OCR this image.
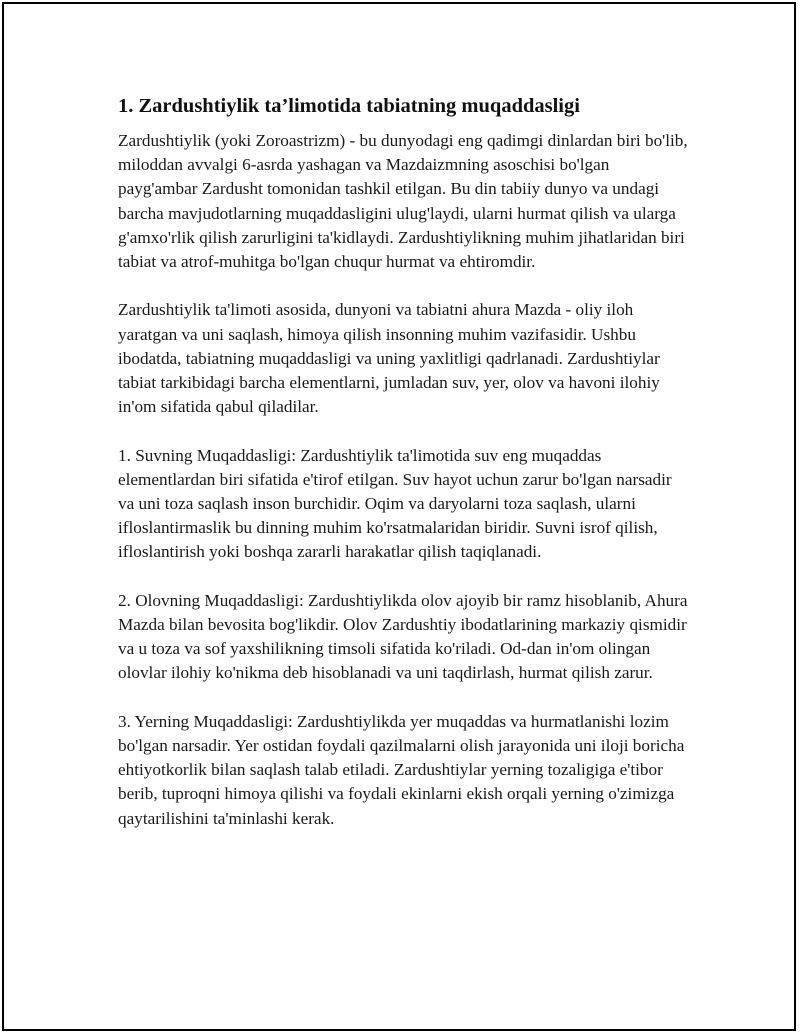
1. Zardushtiylik ta’limotida tabiatning muqaddasligi

Zardushtiylik (yoki Zoroastrizm) - bu dunyodagi eng qadimgi dinlardan biri bo'lib, miloddan avvalgi 6-asrda yashagan va Mazdaizmning asoschisi bo'lgan payg'ambar Zardusht tomonidan tashkil etilgan. Bu din tabiiy dunyo va undagi barcha mavjudotlarning muqaddasligini ulug'laydi, ularni hurmat qilish va ularga g'amxo'rlik qilish zarurligini ta'kidlaydi. Zardushtiylikning muhim jihatlaridan biri tabiat va atrof-muhitga bo'lgan chuqur hurmat va ehtiromdir.

Zardushtiylik ta'limoti asosida, dunyoni va tabiatni ahura Mazda - oliy iloh yaratgan va uni saqlash, himoya qilish insonning muhim vazifasidir. Ushbu ibodatda, tabiatning muqaddasligi va uning yaxlitligi qadrlanadi. Zardushtiylar tabiat tarkibidagi barcha elementlarni, jumladan suv, yer, olov va havoni ilohiy in'om sifatida qabul qiladilar.

1. Suvning Muqaddasligi: Zardushtiylik ta'limotida suv eng muqaddas elementlardan biri sifatida e'tirof etilgan. Suv hayot uchun zarur bo'lgan narsadir va uni toza saqlash inson burchidir. Oqim va daryolarni toza saqlash, ularni ifloslantirmaslik bu dinning muhim ko'rsatmalaridan biridir. Suvni isrof qilish, ifloslantirish yoki boshqa zararli harakatlar qilish taqiqlanadi.

2. Olovning Muqaddasligi: Zardushtiylikda olov ajoyib bir ramz hisoblanib, Ahura Mazda bilan bevosita bog'likdir. Olov Zardushtiy ibodatlarining markaziy qismidir va u toza va sof yaxshilikning timsoli sifatida ko'riladi. Od-dan in'om olingan olovlar ilohiy ko'nikma deb hisoblanadi va uni taqdirlash, hurmat qilish zarur.

3. Yerning Muqaddasligi: Zardushtiylikda yer muqaddas va hurmatlanishi lozim bo'lgan narsadir. Yer ostidan foydali qazilmalarni olish jarayonida uni iloji boricha ehtiyotkorlik bilan saqlash talab etiladi. Zardushtiylar yerning tozaligiga e'tibor berib, tuproqni himoya qilishi va foydali ekinlarni ekish orqali yerning o'zimizga qaytarilishini ta'minlashi kerak.
